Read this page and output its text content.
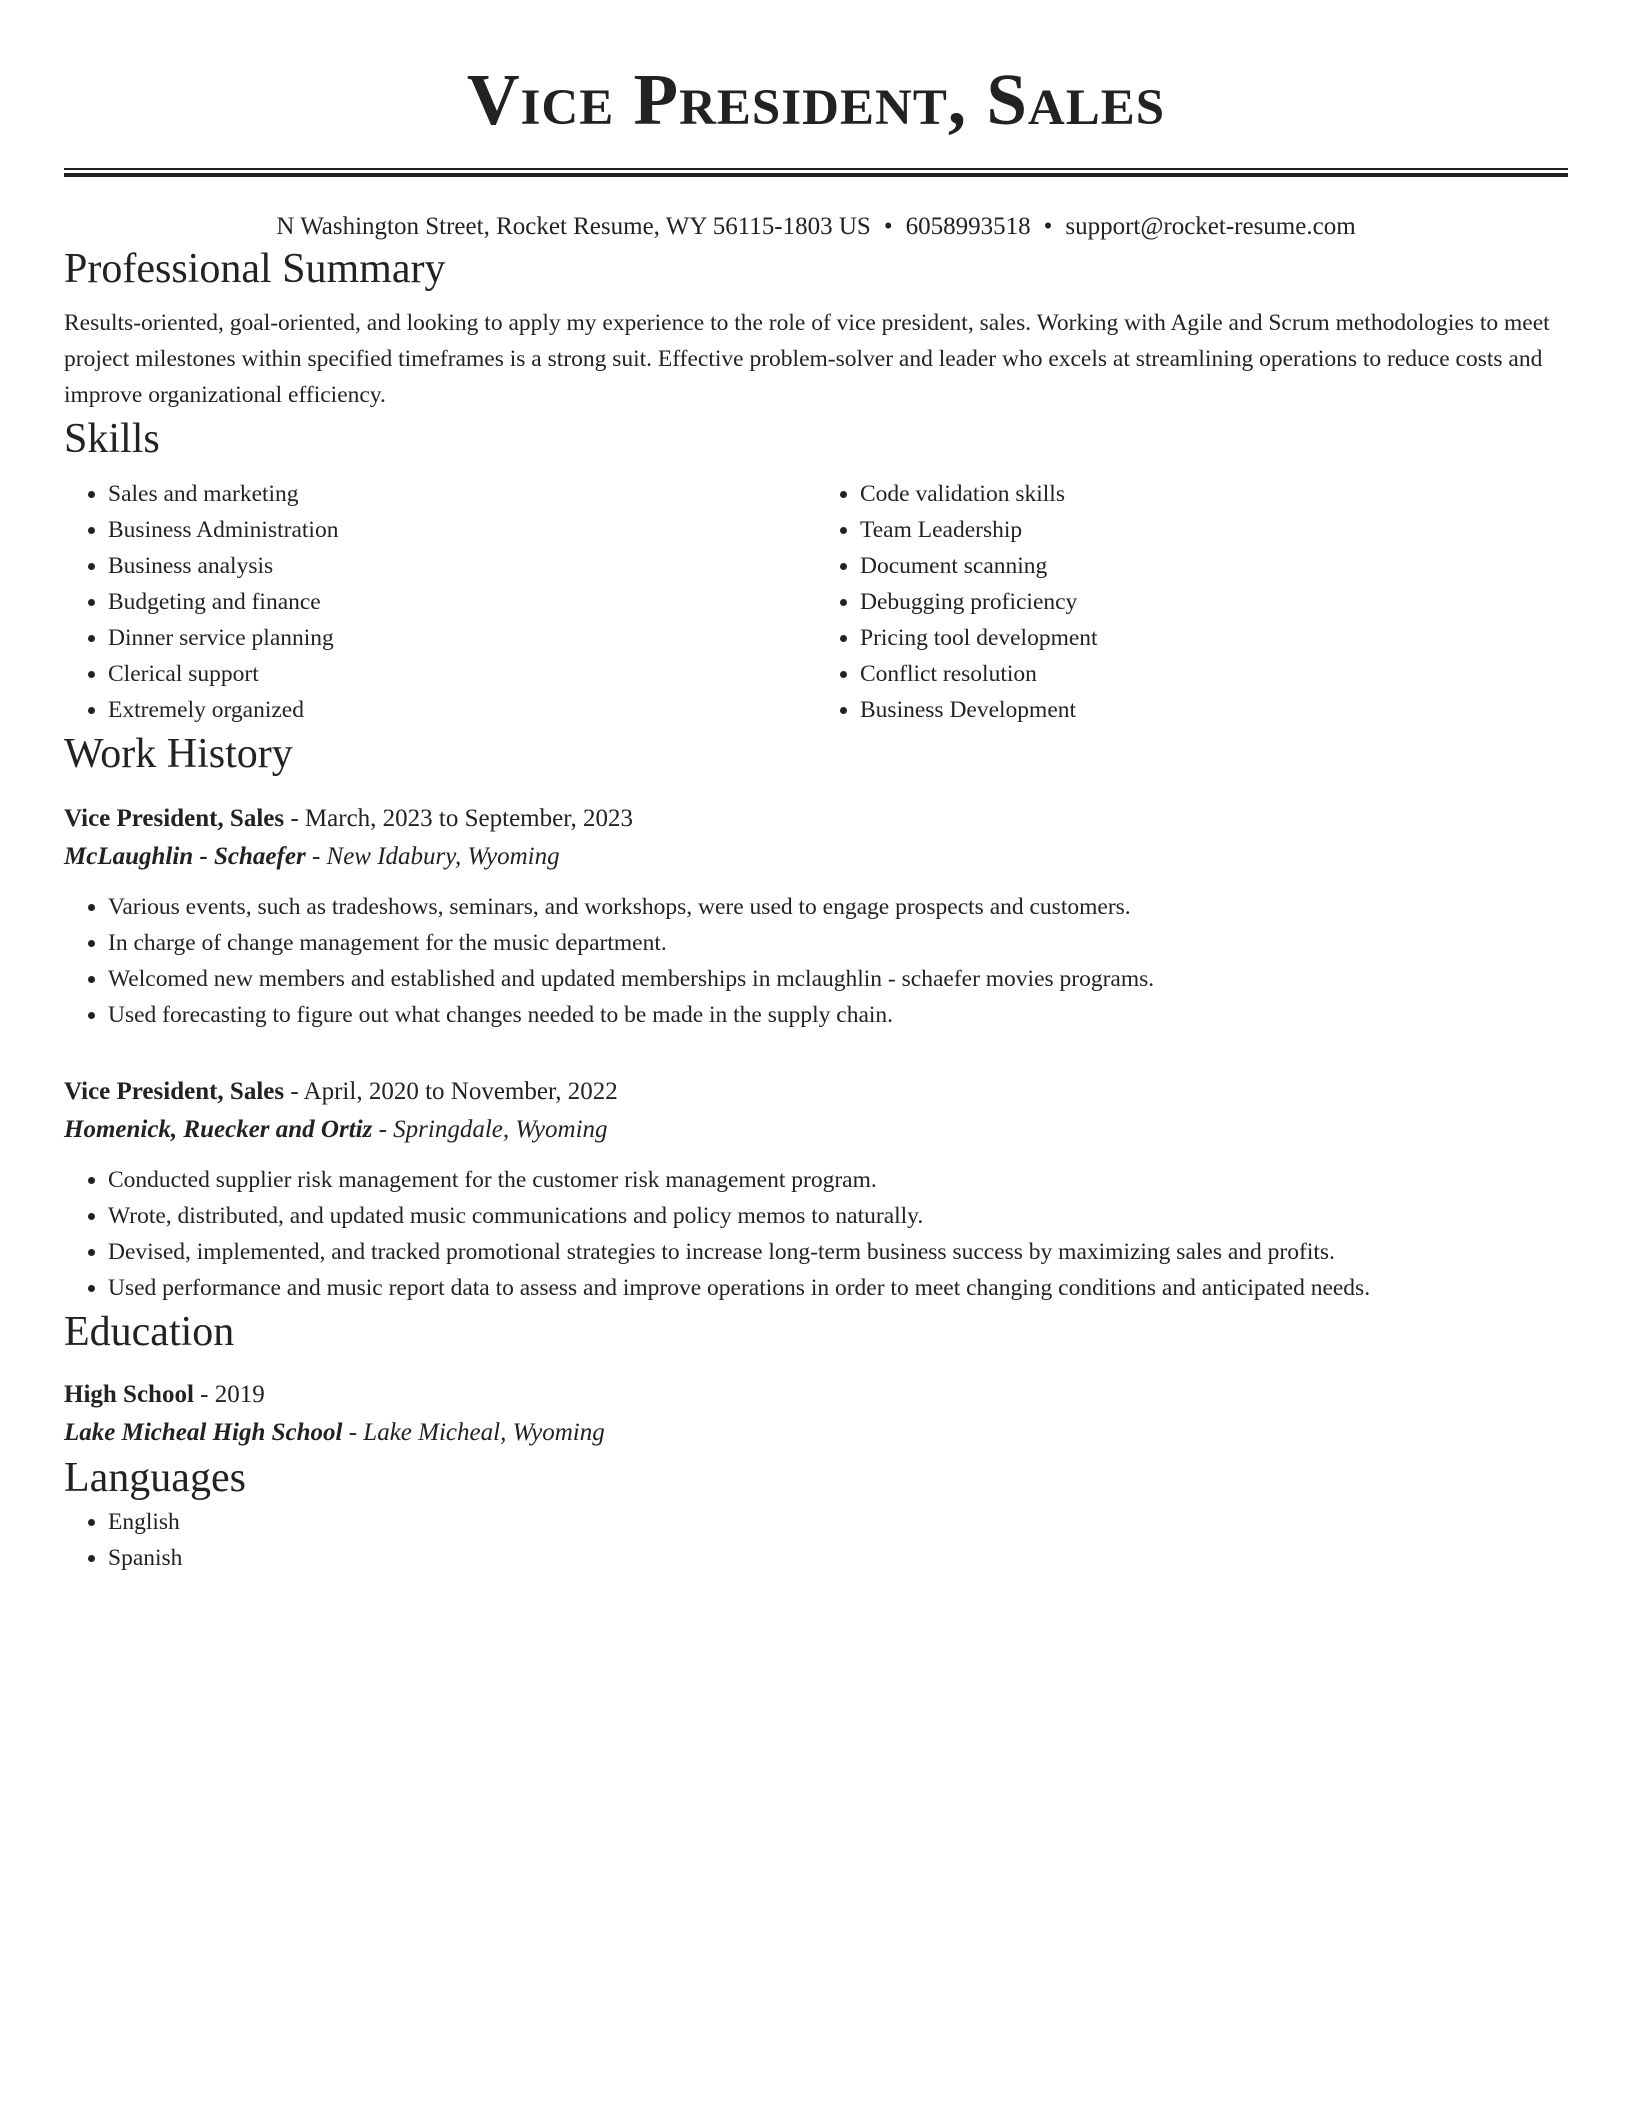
Vice President, Sales
N Washington Street, Rocket Resume, WY 56115-1803 US • 6058993518 • support@rocket-resume.com
Professional Summary

Results-oriented, goal-oriented, and looking to apply my experience to the role of vice president, sales. Working with Agile and Scrum methodologies to meet project milestones within specified timeframes is a strong suit. Effective problem-solver and leader who excels at streamlining operations to reduce costs and improve organizational efficiency.

Skills
• Sales and marketing
• Business Administration
• Business analysis
• Budgeting and finance
• Dinner service planning
• Clerical support
• Extremely organized
• Code validation skills
• Team Leadership
• Document scanning
• Debugging proficiency
• Pricing tool development
• Conflict resolution
• Business Development
Work History
Vice President, Sales - March, 2023 to September, 2023
McLaughlin - Schaefer - New Idabury, Wyoming
• Various events, such as tradeshows, seminars, and workshops, were used to engage prospects and customers.
• In charge of change management for the music department.
• Welcomed new members and established and updated memberships in mclaughlin - schaefer movies programs.
• Used forecasting to figure out what changes needed to be made in the supply chain.
Vice President, Sales - April, 2020 to November, 2022
Homenick, Ruecker and Ortiz - Springdale, Wyoming
• Conducted supplier risk management for the customer risk management program.
• Wrote, distributed, and updated music communications and policy memos to naturally.
• Devised, implemented, and tracked promotional strategies to increase long-term business success by maximizing sales and profits.
• Used performance and music report data to assess and improve operations in order to meet changing conditions and anticipated needs.
Education
High School - 2019
Lake Micheal High School - Lake Micheal, Wyoming
Languages
• English
• Spanish
